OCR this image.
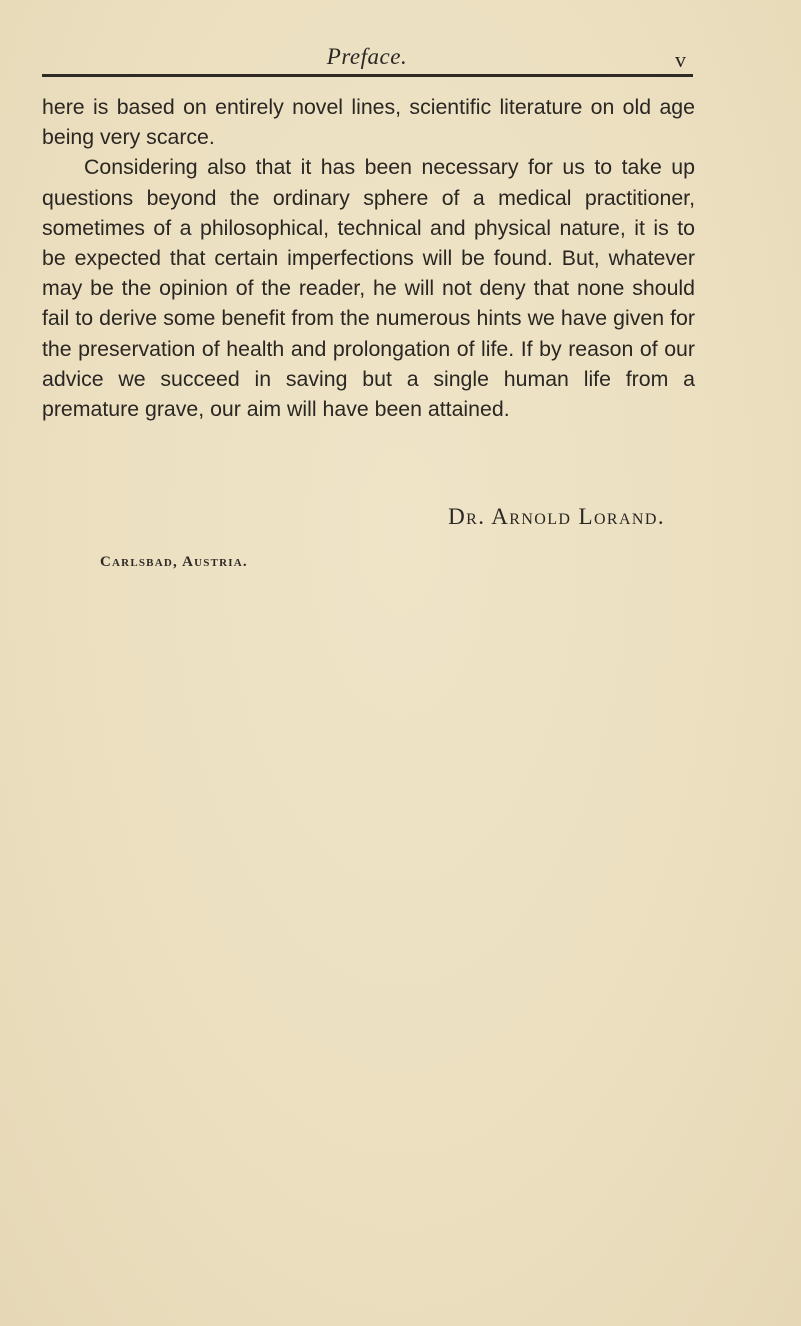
Preface.	v

here is based on entirely novel lines, scientific literature on old age being very scarce.

Considering also that it has been necessary for us to take up questions beyond the ordinary sphere of a medical practitioner, sometimes of a philosophical, technical and physical nature, it is to be expected that certain imperfections will be found. But, whatever may be the opinion of the reader, he will not deny that none should fail to derive some benefit from the numerous hints we have given for the preservation of health and prolongation of life. If by reason of our advice we succeed in saving but a single human life from a premature grave, our aim will have been attained.

Dr. Arnold Lorand.
Carlsbad, Austria.
